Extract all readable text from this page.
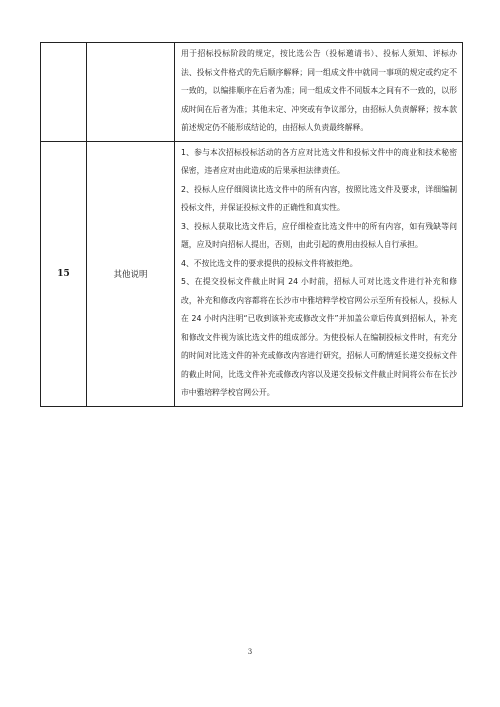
		用于招标投标阶段的规定，按比选公告（投标邀请书）、投标人须知、评标办法、投标文件格式的先后顺序解释；同一组成文件中就同一事项的规定或约定不一致的，以编排顺序在后者为准；同一组成文件不同版本之间有不一致的，以形成时间在后者为准；其他未定、冲突或有争议部分，由招标人负责解释；按本款前述规定仍不能形成结论的，由招标人负责最终解释。

15	其他说明	1、参与本次招标投标活动的各方应对比选文件和投标文件中的商业和技术秘密保密，违者应对由此造成的后果承担法律责任。

2、投标人应仔细阅读比选文件中的所有内容，按照比选文件及要求，详细编制投标文件，并保证投标文件的正确性和真实性。

3、投标人获取比选文件后，应仔细检查比选文件中的所有内容，如有残缺等问题，应及时向招标人提出，否则，由此引起的费用由投标人自行承担。

4、不按比选文件的要求提供的投标文件将被拒绝。

5、在提交投标文件截止时间 24 小时前，招标人可对比选文件进行补充和修改，补充和修改内容都将在长沙市中雅培粹学校官网公示至所有投标人，投标人在 24 小时内注明“已收到该补充或修改文件”并加盖公章后传真到招标人，补充和修改文件视为该比选文件的组成部分。为使投标人在编制投标文件时，有充分的时间对比选文件的补充或修改内容进行研究，招标人可酌情延长递交投标文件的截止时间，比选文件补充或修改内容以及递交投标文件截止时间将公布在长沙市中雅培粹学校官网公开。

3
